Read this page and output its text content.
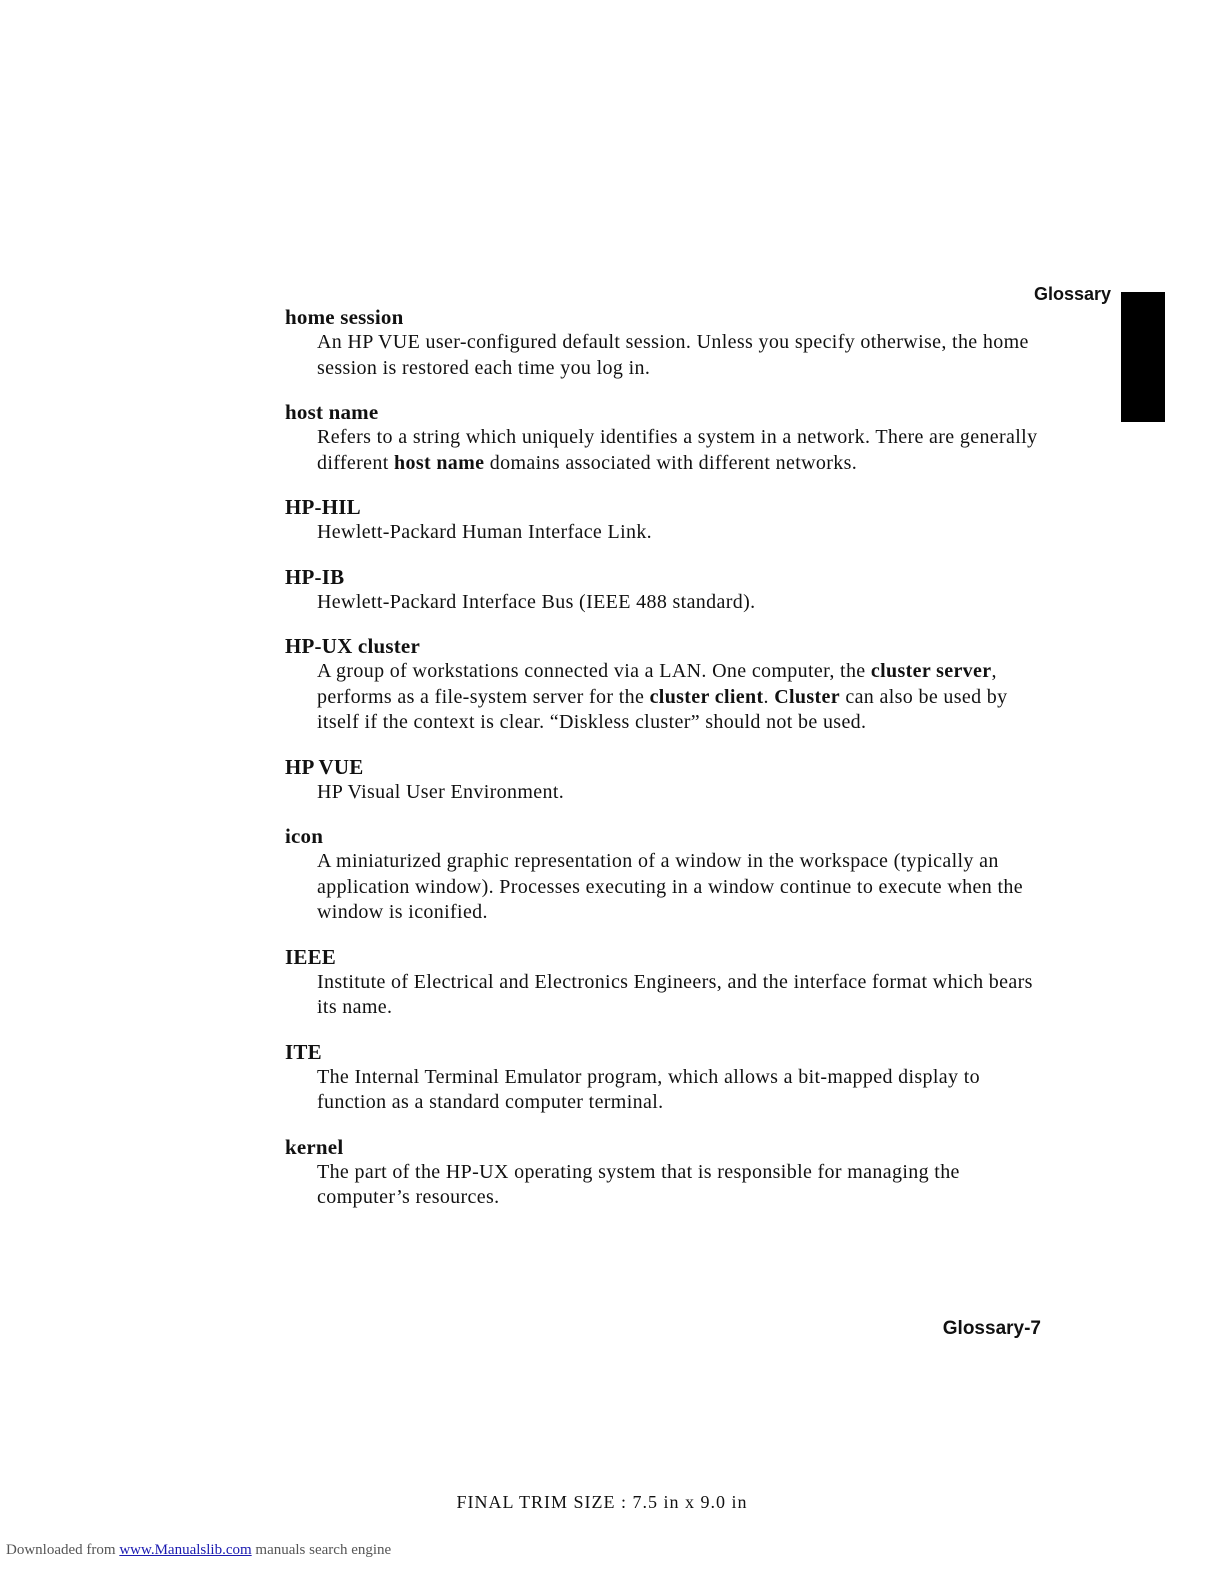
Glossary
home session
An HP VUE user-configured default session. Unless you specify otherwise, the home session is restored each time you log in.
host name
Refers to a string which uniquely identifies a system in a network. There are generally different host name domains associated with different networks.
HP-HIL
Hewlett-Packard Human Interface Link.
HP-IB
Hewlett-Packard Interface Bus (IEEE 488 standard).
HP-UX cluster
A group of workstations connected via a LAN. One computer, the cluster server, performs as a file-system server for the cluster client. Cluster can also be used by itself if the context is clear. “Diskless cluster” should not be used.
HP VUE
HP Visual User Environment.
icon
A miniaturized graphic representation of a window in the workspace (typically an application window). Processes executing in a window continue to execute when the window is iconified.
IEEE
Institute of Electrical and Electronics Engineers, and the interface format which bears its name.
ITE
The Internal Terminal Emulator program, which allows a bit-mapped display to function as a standard computer terminal.
kernel
The part of the HP-UX operating system that is responsible for managing the computer’s resources.
Glossary-7
FINAL TRIM SIZE : 7.5 in x 9.0 in
Downloaded from www.Manualslib.com manuals search engine
